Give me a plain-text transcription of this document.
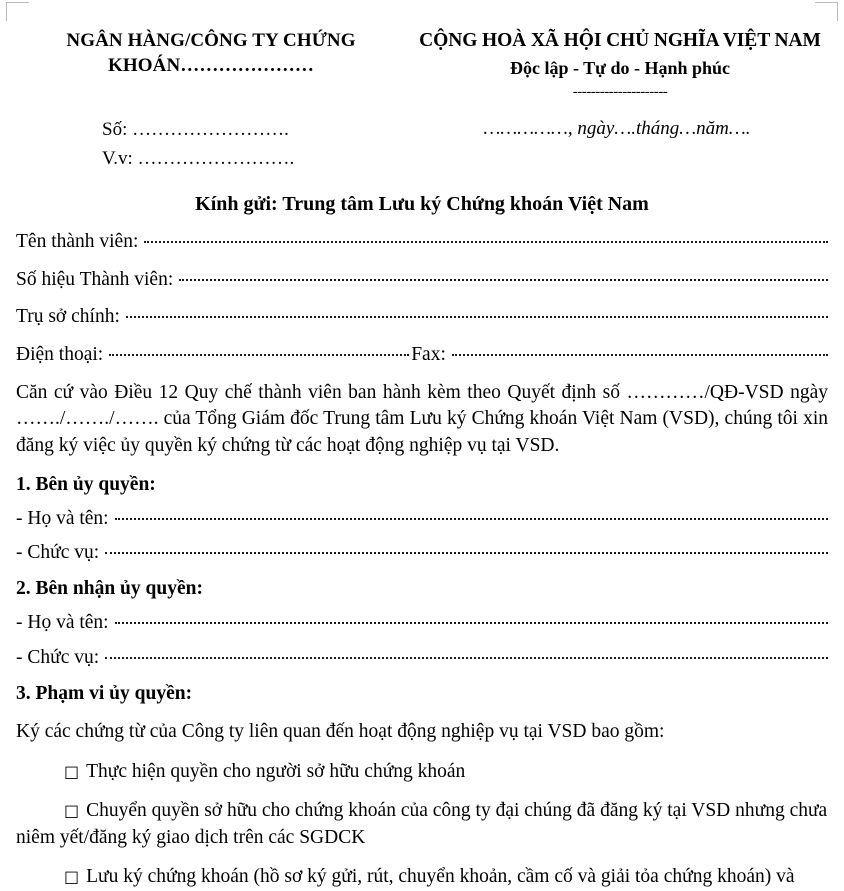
NGÂN HÀNG/CÔNG TY CHỨNG KHOÁN…………………
CỘNG HOÀ XÃ HỘI CHỦ NGHĨA VIỆT NAM
Độc lập - Tự do - Hạnh phúc
---------------------
Số: …………………….
V.v: …………………….
……………, ngày….tháng…năm….
Kính gửi: Trung tâm Lưu ký Chứng khoán Việt Nam
Tên thành viên:
Số hiệu Thành viên:
Trụ sở chính:
Điện thoại:	Fax:
Căn cứ vào Điều 12 Quy chế thành viên ban hành kèm theo Quyết định số …………/QĐ-VSD ngày ……./……./……. của Tổng Giám đốc Trung tâm Lưu ký Chứng khoán Việt Nam (VSD), chúng tôi xin đăng ký việc ủy quyền ký chứng từ các hoạt động nghiệp vụ tại VSD.
1. Bên ủy quyền:
- Họ và tên:
- Chức vụ:
2. Bên nhận ủy quyền:
- Họ và tên:
- Chức vụ:
3. Phạm vi ủy quyền:
Ký các chứng từ của Công ty liên quan đến hoạt động nghiệp vụ tại VSD bao gồm:
□ Thực hiện quyền cho người sở hữu chứng khoán
□ Chuyển quyền sở hữu cho chứng khoán của công ty đại chúng đã đăng ký tại VSD nhưng chưa niêm yết/đăng ký giao dịch trên các SGDCK
□ Lưu ký chứng khoán (hồ sơ ký gửi, rút, chuyển khoản, cầm cố và giải tỏa chứng khoán) và
